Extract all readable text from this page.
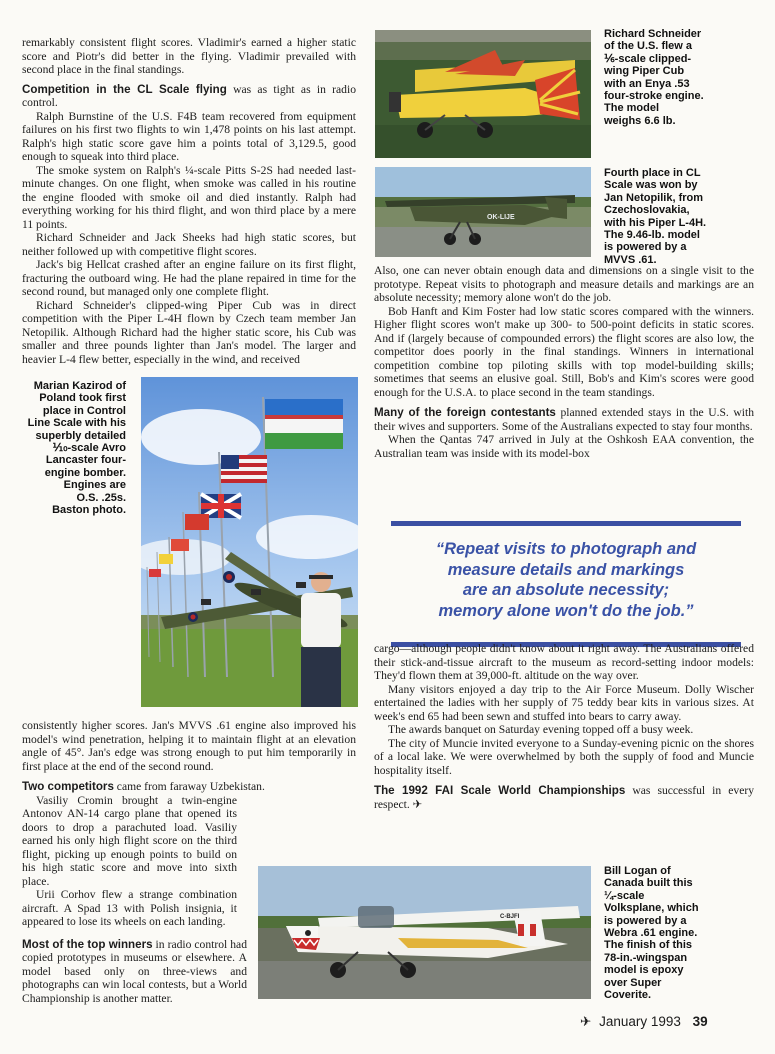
remarkably consistent flight scores. Vladimir's earned a higher static score and Piotr's did better in the flying. Vladimir prevailed with second place in the final standings.

Competition in the CL Scale flying was as tight as in radio control.

Ralph Burnstine of the U.S. F4B team recovered from equipment failures on his first two flights to win 1,478 points on his last attempt. Ralph's high static score gave him a points total of 3,129.5, good enough to squeak into third place.

The smoke system on Ralph's ¼-scale Pitts S-2S had needed last-minute changes. On one flight, when smoke was called in his routine the engine flooded with smoke oil and died instantly. Ralph had everything working for his third flight, and won third place by a mere 11 points.

Richard Schneider and Jack Sheeks had high static scores, but neither followed up with competitive flight scores.

Jack's big Hellcat crashed after an engine failure on its first flight, fracturing the outboard wing. He had the plane repaired in time for the second round, but managed only one complete flight.

Richard Schneider's clipped-wing Piper Cub was in direct competition with the Piper L-4H flown by Czech team member Jan Netopilik. Although Richard had the higher static score, his Cub was smaller and three pounds lighter than Jan's model. The larger and heavier L-4 flew better, especially in the wind, and received

Marian Kazirod of
Poland took first
place in Control
Line Scale with his
superbly detailed
⅒-scale Avro
Lancaster four-
engine bomber.
Engines are
O.S. .25s.
Baston photo.

consistently higher scores. Jan's MVVS .61 engine also improved his model's wind penetration, helping it to maintain flight at an elevation angle of 45°. Jan's edge was strong enough to put him temporarily in first place at the end of the second round.

Two competitors came from faraway Uzbekistan.

Vasiliy Cromin brought a twin-engine Antonov AN-14 cargo plane that opened its doors to drop a parachuted load. Vasiliy earned his only high flight score on the third flight, picking up enough points to build on his high static score and move into sixth place.

Urii Corhov flew a strange combination aircraft. A Spad 13 with Polish insignia, it appeared to lose its wheels on each landing.

Most of the top winners in radio control had copied prototypes in museums or elsewhere. A model based only on three-views and photographs can win local contests, but a World Championship is another matter.

Richard Schneider
of the U.S. flew a
⅙-scale clipped-
wing Piper Cub
with an Enya .53
four-stroke engine.
The model
weighs 6.6 lb.
OK-LIJE
Fourth place in CL
Scale was won by
Jan Netopilik, from
Czechoslovakia,
with his Piper L-4H.
The 9.46-lb. model
is powered by a
MVVS .61.

Also, one can never obtain enough data and dimensions on a single visit to the prototype. Repeat visits to photograph and measure details and markings are an absolute necessity; memory alone won't do the job.

Bob Hanft and Kim Foster had low static scores compared with the winners. Higher flight scores won't make up 300- to 500-point deficits in static scores. And if (largely because of compounded errors) the flight scores are also low, the competitor does poorly in the final standings. Winners in international competition combine top piloting skills with top model-building skills; sometimes that seems an elusive goal. Still, Bob's and Kim's scores were good enough for the U.S.A. to place second in the team standings.

Many of the foreign contestants planned extended stays in the U.S. with their wives and supporters. Some of the Australians expected to stay four months.

When the Qantas 747 arrived in July at the Oshkosh EAA convention, the Australian team was inside with its model-box

“Repeat visits to photograph and
measure details and markings
are an absolute necessity;
memory alone won't do the job.”

cargo—although people didn't know about it right away. The Australians offered their stick-and-tissue aircraft to the museum as record-setting indoor models: They'd flown them at 39,000-ft. altitude on the way over.

Many visitors enjoyed a day trip to the Air Force Museum. Dolly Wischer entertained the ladies with her supply of 75 teddy bear kits in various sizes. At week's end 65 had been sewn and stuffed into bears to carry away.

The awards banquet on Saturday evening topped off a busy week.

The city of Muncie invited everyone to a Sunday-evening picnic on the shores of a local lake. We were overwhelmed by both the supply of food and Muncie hospitality itself.

The 1992 FAI Scale World Championships was successful in every respect. ✈

C-BJFI
Bill Logan of
Canada built this
¼-scale
Volksplane, which
is powered by a
Webra .61 engine.
The finish of this
78-in.-wingspan
model is epoxy
over Super
Coverite.
✈ January 1993 39
